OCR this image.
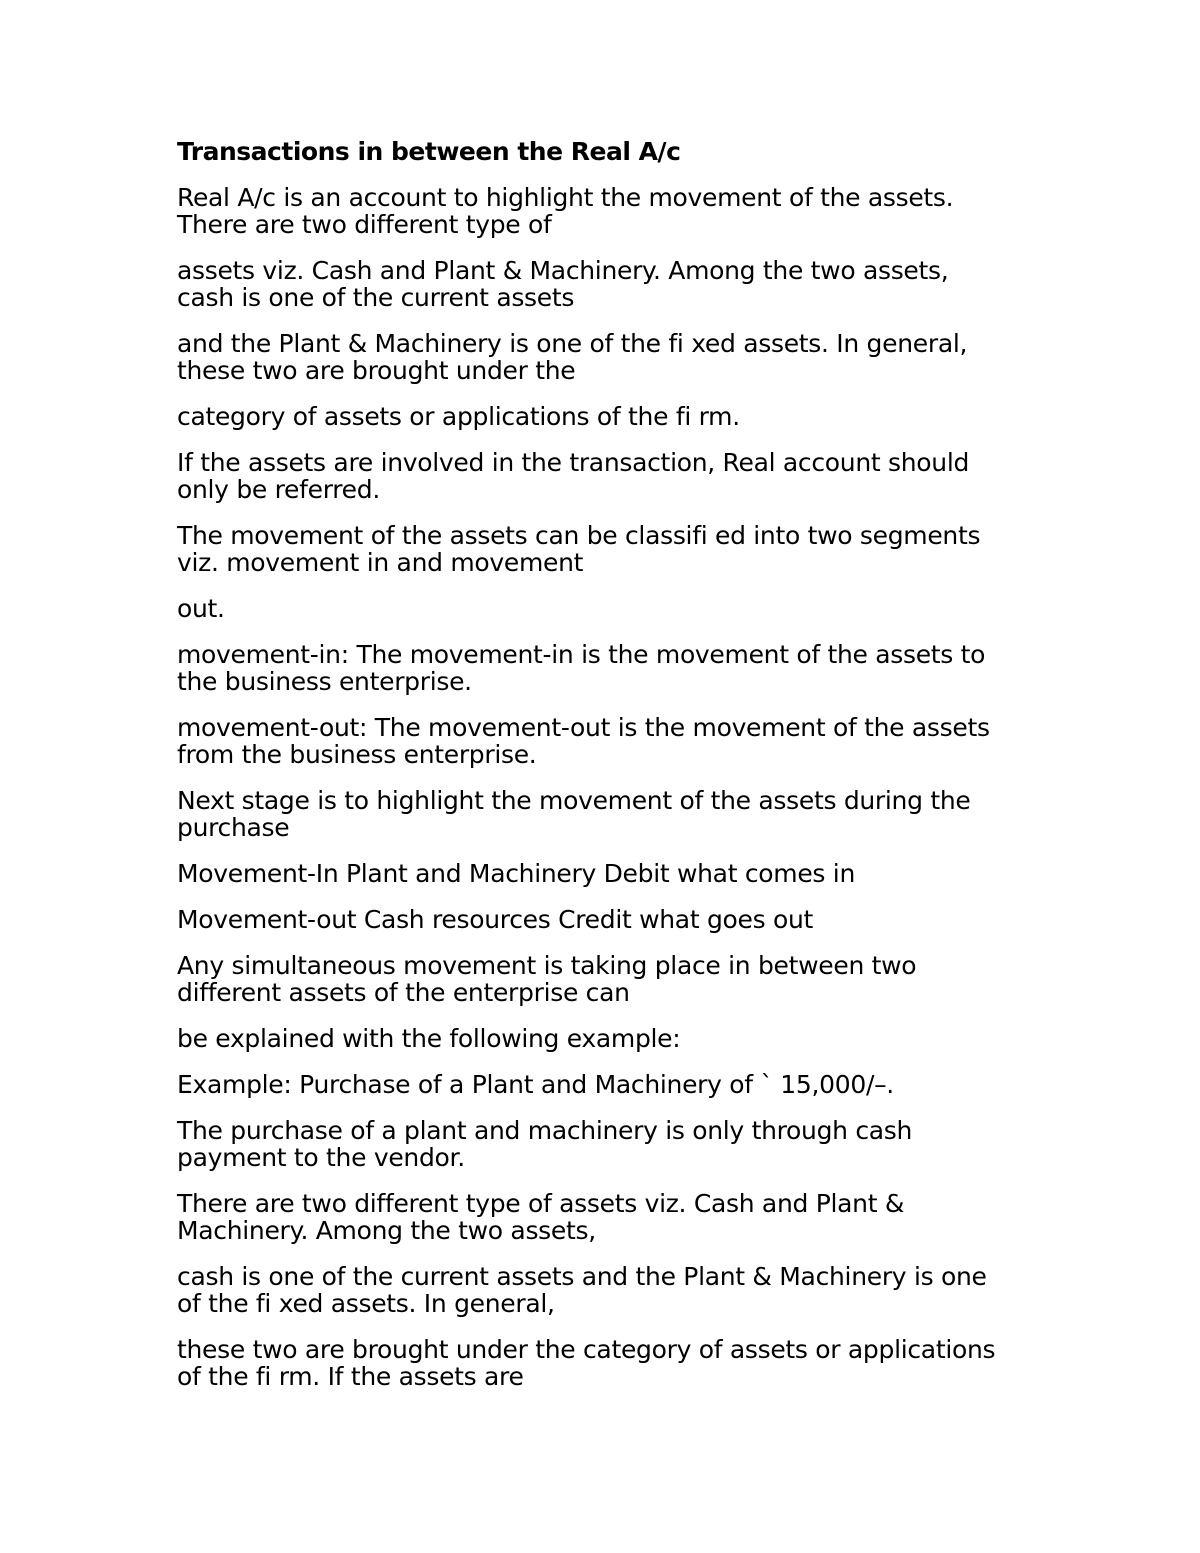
Transactions in between the Real A/c
Real A/c is an account to highlight the movement of the assets.
There are two different type of
assets viz. Cash and Plant & Machinery. Among the two assets,
cash is one of the current assets
and the Plant & Machinery is one of the fi xed assets. In general,
these two are brought under the
category of assets or applications of the fi rm.
If the assets are involved in the transaction, Real account should
only be referred.
The movement of the assets can be classifi ed into two segments
viz. movement in and movement
out.
movement-in: The movement-in is the movement of the assets to
the business enterprise.
movement-out: The movement-out is the movement of the assets
from the business enterprise.
Next stage is to highlight the movement of the assets during the
purchase
Movement-In Plant and Machinery Debit what comes in
Movement-out Cash resources Credit what goes out
Any simultaneous movement is taking place in between two
different assets of the enterprise can
be explained with the following example:
Example: Purchase of a Plant and Machinery of ` 15,000/–.
The purchase of a plant and machinery is only through cash
payment to the vendor.
There are two different type of assets viz. Cash and Plant &
Machinery. Among the two assets,
cash is one of the current assets and the Plant & Machinery is one
of the fi xed assets. In general,
these two are brought under the category of assets or applications
of the fi rm. If the assets are
